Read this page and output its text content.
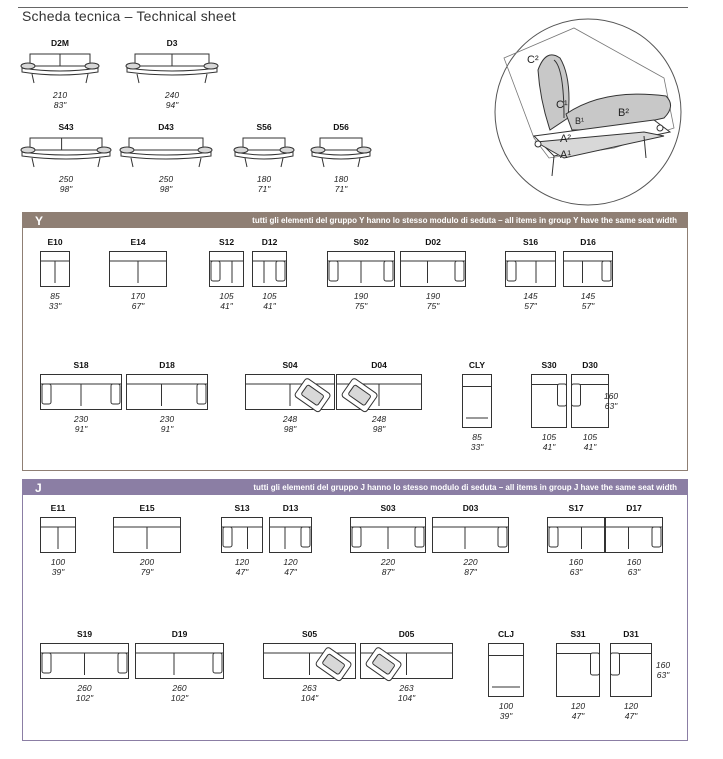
Scheda tecnica – Technical sheet
D2M
210
83"
D3
240
94"
S43
250
98"
D43
250
98"
S56
180
71"
D56
180
71"
C²
C¹
B¹
B²
A²
A¹
Y	tutti gli elementi del gruppo Y hanno lo stesso modulo di seduta – all items in group Y have the same seat width
E10
85
33"
E14
170
67"
S12
105
41"
D12
105
41"
S02
190
75"
D02
190
75"
S16
145
57"
D16
145
57"
S18
230
91"
D18
230
91"
S04
248
98"
D04
248
98"
CLY
85
33"
S30
105
41"
D30
105
41"
J	tutti gli elementi del gruppo J hanno lo stesso modulo di seduta – all items in group J have the same seat width
E11
100
39"
E15
200
79"
S13
120
47"
D13
120
47"
S03
220
87"
D03
220
87"
S17
160
63"
D17
160
63"
S19
260
102"
D19
260
102"
S05
263
104"
D05
263
104"
CLJ
100
39"
S31
120
47"
D31
120
47"
160
63"
160
63"
